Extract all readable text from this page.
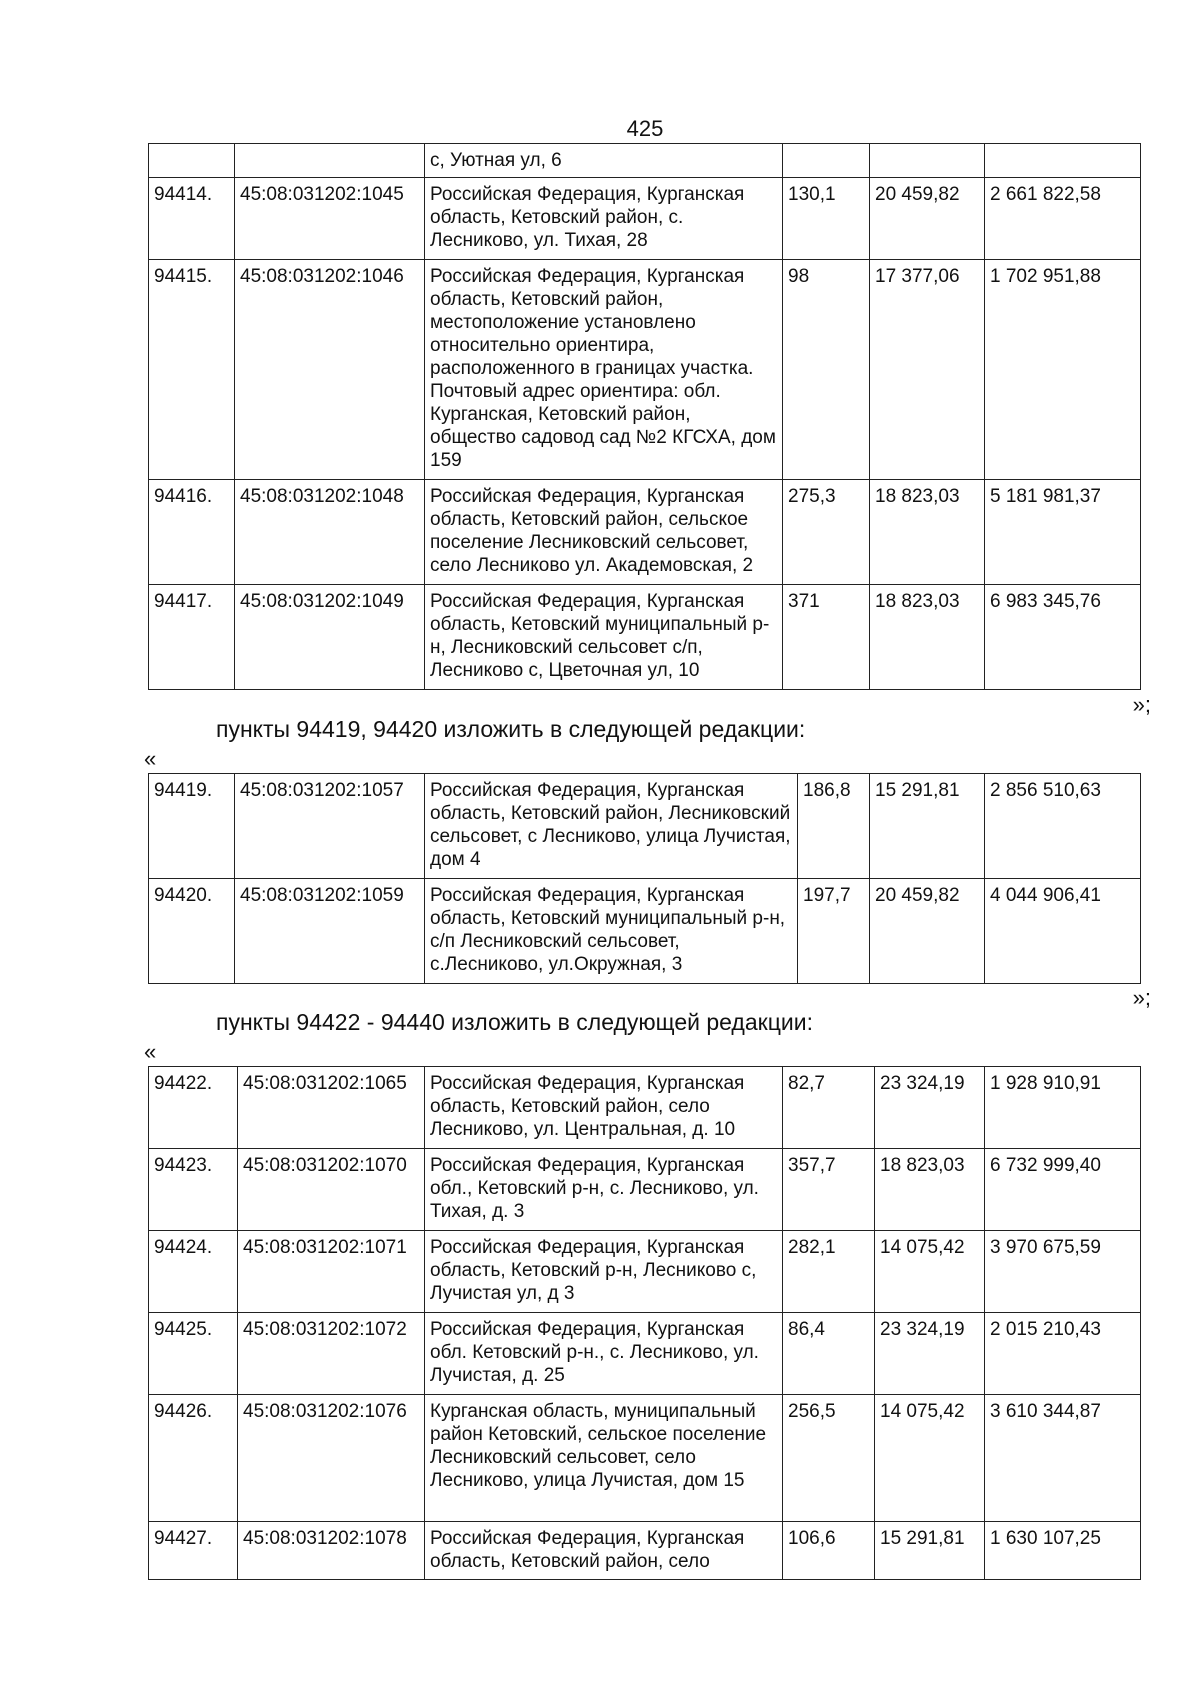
425
		с, Уютная ул, 6			
94414.	45:08:031202:1045	Российская Федерация, Курганская область, Кетовский район, с. Лесниково, ул. Тихая, 28	130,1	20 459,82	2 661 822,58
94415.	45:08:031202:1046	Российская Федерация, Курганская область, Кетовский район, местоположение установлено относительно ориентира, расположенного в границах участка. Почтовый адрес ориентира: обл. Курганская, Кетовский район, общество садовод сад №2 КГСХА, дом 159	98	17 377,06	1 702 951,88
94416.	45:08:031202:1048	Российская Федерация, Курганская область, Кетовский район, сельское поселение Лесниковский сельсовет, село Лесниково ул. Академовская, 2	275,3	18 823,03	5 181 981,37
94417.	45:08:031202:1049	Российская Федерация, Курганская область, Кетовский муниципальный р-н, Лесниковский сельсовет с/п, Лесниково с, Цветочная ул, 10	371	18 823,03	6 983 345,76
»;
пункты 94419, 94420 изложить в следующей редакции:
«
94419.	45:08:031202:1057	Российская Федерация, Курганская область, Кетовский район, Лесниковский сельсовет, с Лесниково, улица Лучистая, дом 4	186,8	15 291,81	2 856 510,63
94420.	45:08:031202:1059	Российская Федерация, Курганская область, Кетовский муниципальный р-н, с/п Лесниковский сельсовет, с.Лесниково, ул.Окружная, 3	197,7	20 459,82	4 044 906,41
»;
пункты 94422 - 94440 изложить в следующей редакции:
«
94422.	45:08:031202:1065	Российская Федерация, Курганская область, Кетовский район, село Лесниково, ул. Центральная, д. 10	82,7	23 324,19	1 928 910,91
94423.	45:08:031202:1070	Российская Федерация, Курганская обл., Кетовский р-н, с. Лесниково, ул. Тихая, д. 3	357,7	18 823,03	6 732 999,40
94424.	45:08:031202:1071	Российская Федерация, Курганская область, Кетовский р-н, Лесниково с, Лучистая ул, д 3	282,1	14 075,42	3 970 675,59
94425.	45:08:031202:1072	Российская Федерация, Курганская обл. Кетовский р-н., с. Лесниково, ул. Лучистая, д. 25	86,4	23 324,19	2 015 210,43
94426.	45:08:031202:1076	Курганская область, муниципальный район Кетовский, сельское поселение Лесниковский сельсовет, село Лесниково, улица Лучистая, дом 15	256,5	14 075,42	3 610 344,87
94427.	45:08:031202:1078	Российская Федерация, Курганская область, Кетовский район, село	106,6	15 291,81	1 630 107,25
